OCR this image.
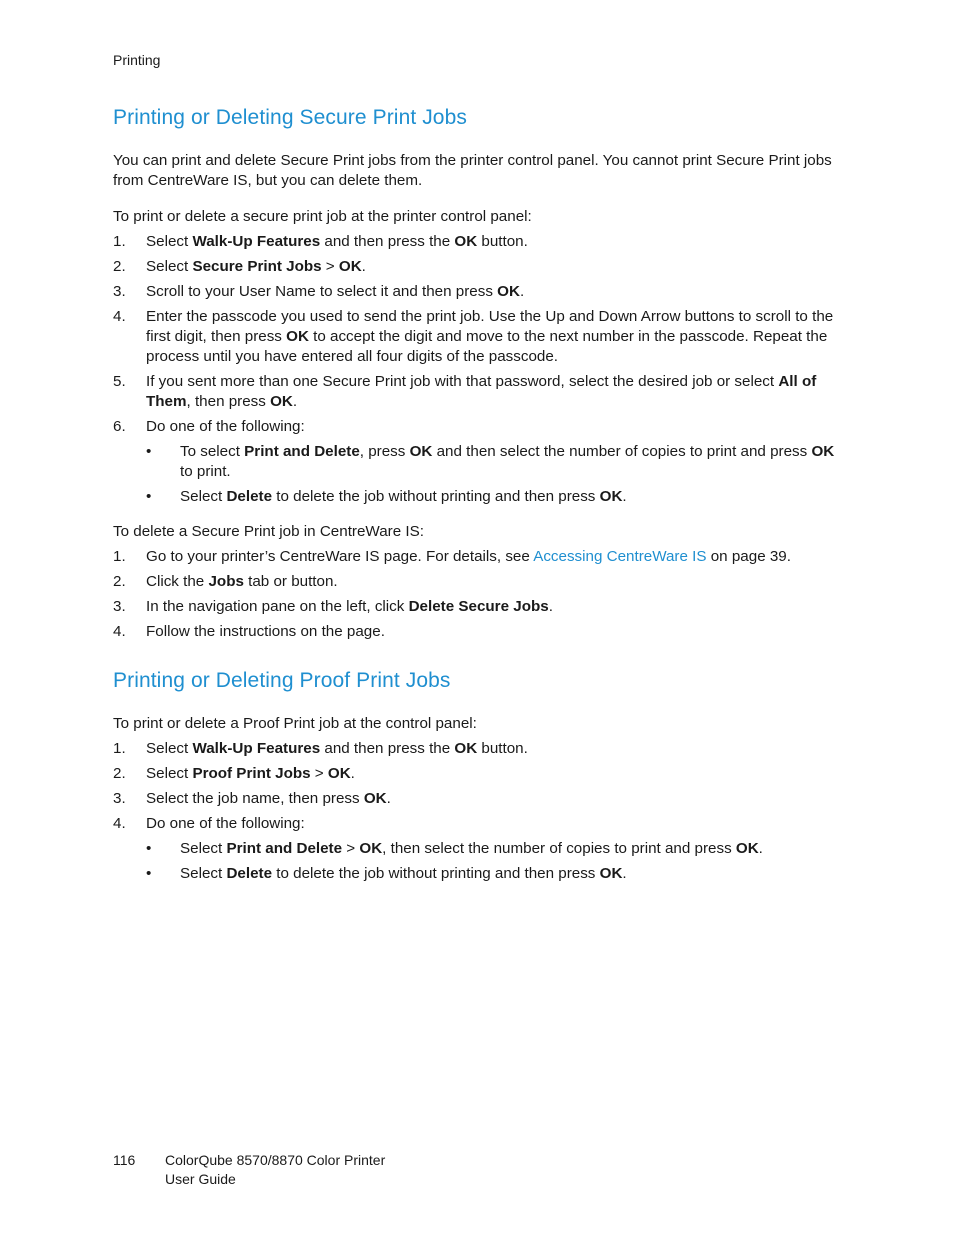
Printing
Printing or Deleting Secure Print Jobs

You can print and delete Secure Print jobs from the printer control panel. You cannot print Secure Print jobs from CentreWare IS, but you can delete them.

To print or delete a secure print job at the printer control panel:

1. Select Walk-Up Features and then press the OK button.
2. Select Secure Print Jobs > OK.
3. Scroll to your User Name to select it and then press OK.
4. Enter the passcode you used to send the print job. Use the Up and Down Arrow buttons to scroll to the first digit, then press OK to accept the digit and move to the next number in the passcode. Repeat the process until you have entered all four digits of the passcode.
5. If you sent more than one Secure Print job with that password, select the desired job or select All of Them, then press OK.
6. Do one of the following:
• To select Print and Delete, press OK and then select the number of copies to print and press OK to print.
• Select Delete to delete the job without printing and then press OK.

To delete a Secure Print job in CentreWare IS:

1. Go to your printer’s CentreWare IS page. For details, see Accessing CentreWare IS on page 39.
2. Click the Jobs tab or button.
3. In the navigation pane on the left, click Delete Secure Jobs.
4. Follow the instructions on the page.
Printing or Deleting Proof Print Jobs

To print or delete a Proof Print job at the control panel:

1. Select Walk-Up Features and then press the OK button.
2. Select Proof Print Jobs > OK.
3. Select the job name, then press OK.
4. Do one of the following:
• Select Print and Delete > OK, then select the number of copies to print and press OK.
• Select Delete to delete the job without printing and then press OK.
116 ColorQube 8570/8870 Color Printer
User Guide
